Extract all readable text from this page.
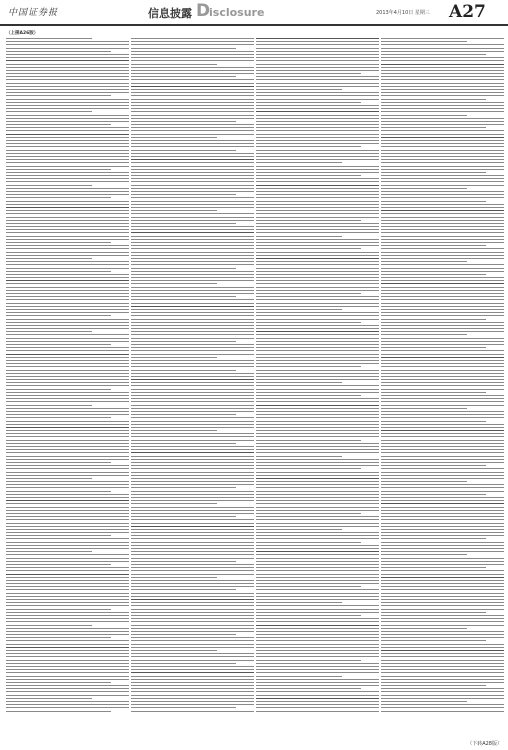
中国证券报	信息披露 D
isclosure	2013年4月10日 星期三 A27
（上接A26版）
（下转A28版）
